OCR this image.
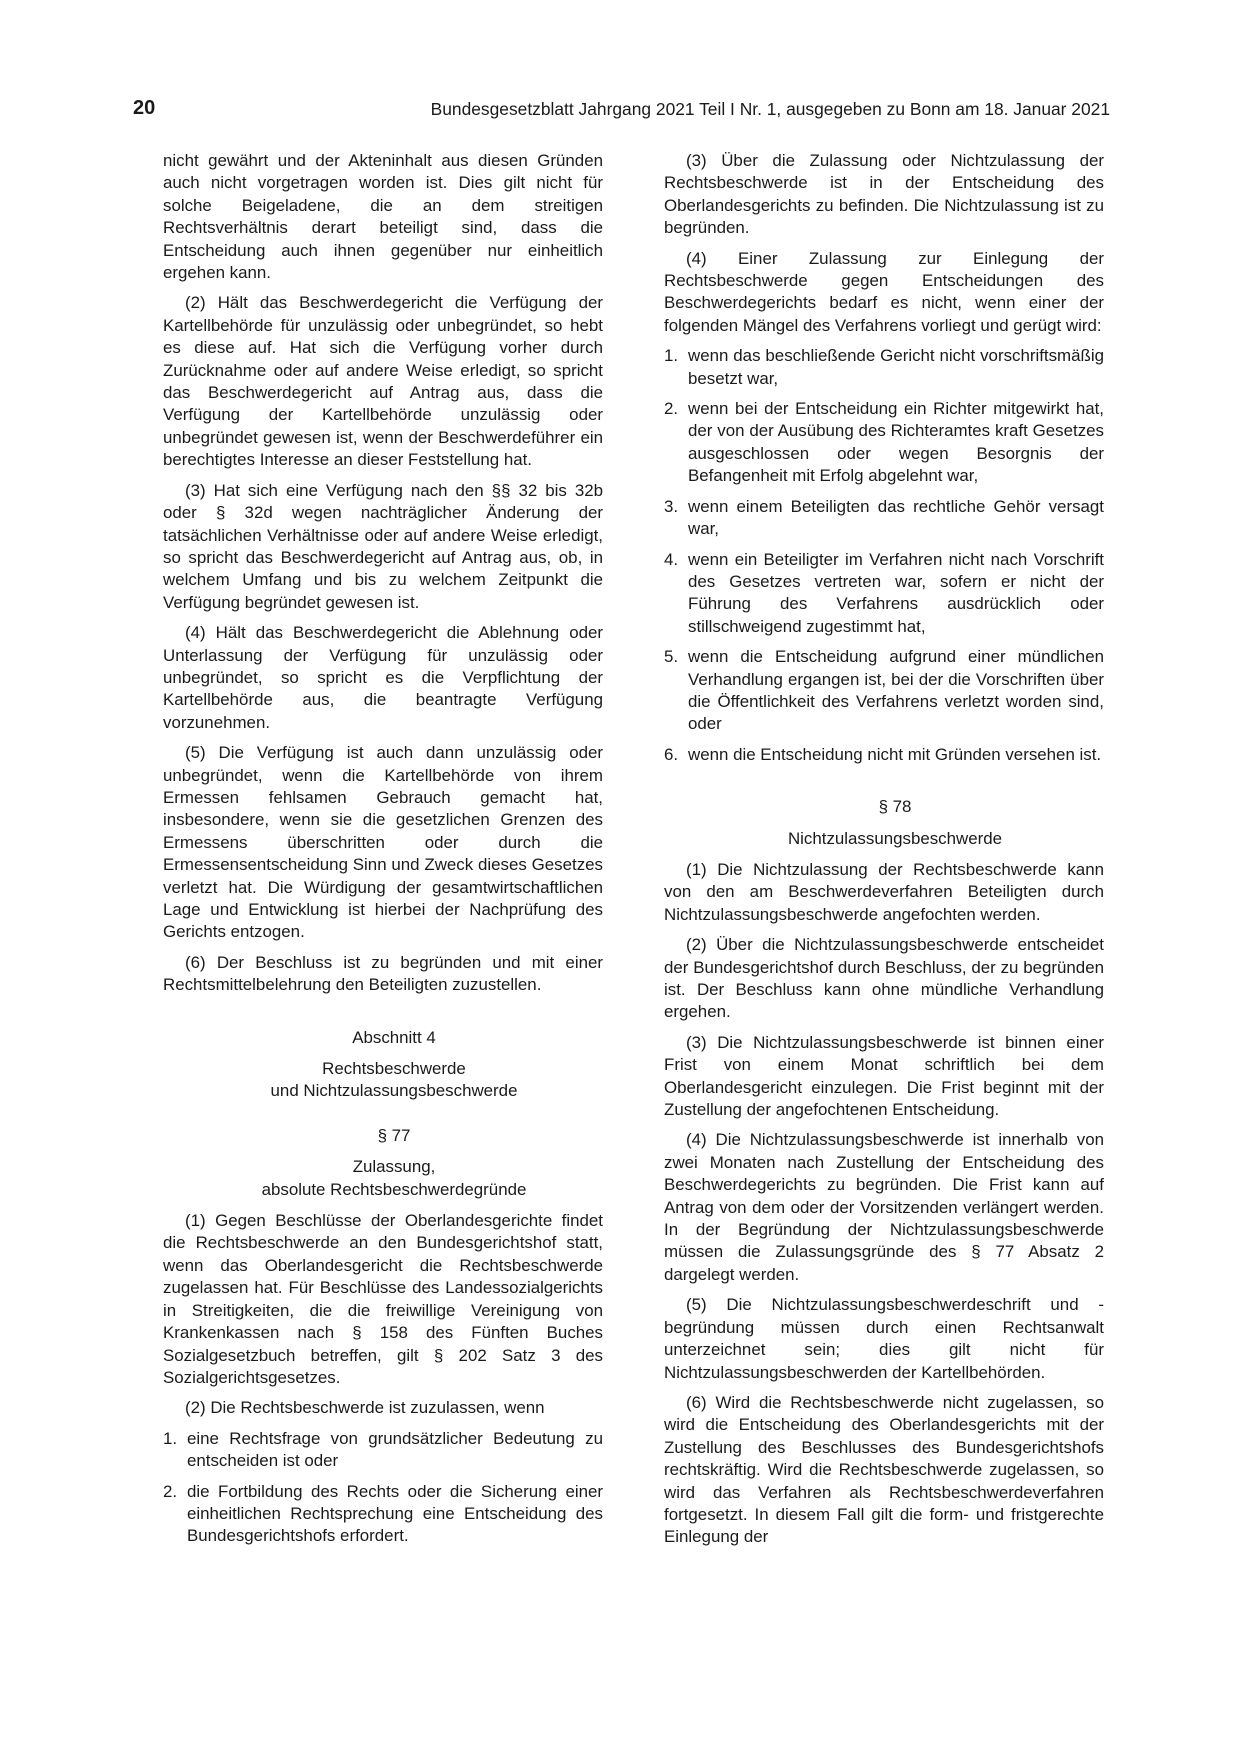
20	Bundesgesetzblatt Jahrgang 2021 Teil I Nr. 1, ausgegeben zu Bonn am 18. Januar 2021

nicht gewährt und der Akteninhalt aus diesen Gründen auch nicht vorgetragen worden ist. Dies gilt nicht für solche Beigeladene, die an dem streitigen Rechtsverhältnis derart beteiligt sind, dass die Entscheidung auch ihnen gegenüber nur einheitlich ergehen kann.

(2) Hält das Beschwerdegericht die Verfügung der Kartellbehörde für unzulässig oder unbegründet, so hebt es diese auf. Hat sich die Verfügung vorher durch Zurücknahme oder auf andere Weise erledigt, so spricht das Beschwerdegericht auf Antrag aus, dass die Verfügung der Kartellbehörde unzulässig oder unbegründet gewesen ist, wenn der Beschwerdeführer ein berechtigtes Interesse an dieser Feststellung hat.

(3) Hat sich eine Verfügung nach den §§ 32 bis 32b oder § 32d wegen nachträglicher Änderung der tatsächlichen Verhältnisse oder auf andere Weise erledigt, so spricht das Beschwerdegericht auf Antrag aus, ob, in welchem Umfang und bis zu welchem Zeitpunkt die Verfügung begründet gewesen ist.

(4) Hält das Beschwerdegericht die Ablehnung oder Unterlassung der Verfügung für unzulässig oder unbegründet, so spricht es die Verpflichtung der Kartellbehörde aus, die beantragte Verfügung vorzunehmen.

(5) Die Verfügung ist auch dann unzulässig oder unbegründet, wenn die Kartellbehörde von ihrem Ermessen fehlsamen Gebrauch gemacht hat, insbesondere, wenn sie die gesetzlichen Grenzen des Ermessens überschritten oder durch die Ermessensentscheidung Sinn und Zweck dieses Gesetzes verletzt hat. Die Würdigung der gesamtwirtschaftlichen Lage und Entwicklung ist hierbei der Nachprüfung des Gerichts entzogen.

(6) Der Beschluss ist zu begründen und mit einer Rechtsmittelbelehrung den Beteiligten zuzustellen.

Abschnitt 4

Rechtsbeschwerde

und Nichtzulassungsbeschwerde

§ 77

Zulassung,

absolute Rechtsbeschwerdegründe

(1) Gegen Beschlüsse der Oberlandesgerichte findet die Rechtsbeschwerde an den Bundesgerichtshof statt, wenn das Oberlandesgericht die Rechtsbeschwerde zugelassen hat. Für Beschlüsse des Landessozialgerichts in Streitigkeiten, die die freiwillige Vereinigung von Krankenkassen nach § 158 des Fünften Buches Sozialgesetzbuch betreffen, gilt § 202 Satz 3 des Sozialgerichtsgesetzes.

(2) Die Rechtsbeschwerde ist zuzulassen, wenn

1. eine Rechtsfrage von grundsätzlicher Bedeutung zu entscheiden ist oder
2. die Fortbildung des Rechts oder die Sicherung einer einheitlichen Rechtsprechung eine Entscheidung des Bundesgerichtshofs erfordert.

(3) Über die Zulassung oder Nichtzulassung der Rechtsbeschwerde ist in der Entscheidung des Oberlandesgerichts zu befinden. Die Nichtzulassung ist zu begründen.

(4) Einer Zulassung zur Einlegung der Rechtsbeschwerde gegen Entscheidungen des Beschwerdegerichts bedarf es nicht, wenn einer der folgenden Mängel des Verfahrens vorliegt und gerügt wird:

1. wenn das beschließende Gericht nicht vorschriftsmäßig besetzt war,
2. wenn bei der Entscheidung ein Richter mitgewirkt hat, der von der Ausübung des Richteramtes kraft Gesetzes ausgeschlossen oder wegen Besorgnis der Befangenheit mit Erfolg abgelehnt war,
3. wenn einem Beteiligten das rechtliche Gehör versagt war,
4. wenn ein Beteiligter im Verfahren nicht nach Vorschrift des Gesetzes vertreten war, sofern er nicht der Führung des Verfahrens ausdrücklich oder stillschweigend zugestimmt hat,
5. wenn die Entscheidung aufgrund einer mündlichen Verhandlung ergangen ist, bei der die Vorschriften über die Öffentlichkeit des Verfahrens verletzt worden sind, oder
6. wenn die Entscheidung nicht mit Gründen versehen ist.

§ 78

Nichtzulassungsbeschwerde

(1) Die Nichtzulassung der Rechtsbeschwerde kann von den am Beschwerdeverfahren Beteiligten durch Nichtzulassungsbeschwerde angefochten werden.

(2) Über die Nichtzulassungsbeschwerde entscheidet der Bundesgerichtshof durch Beschluss, der zu begründen ist. Der Beschluss kann ohne mündliche Verhandlung ergehen.

(3) Die Nichtzulassungsbeschwerde ist binnen einer Frist von einem Monat schriftlich bei dem Oberlandesgericht einzulegen. Die Frist beginnt mit der Zustellung der angefochtenen Entscheidung.

(4) Die Nichtzulassungsbeschwerde ist innerhalb von zwei Monaten nach Zustellung der Entscheidung des Beschwerdegerichts zu begründen. Die Frist kann auf Antrag von dem oder der Vorsitzenden verlängert werden. In der Begründung der Nichtzulassungsbeschwerde müssen die Zulassungsgründe des § 77 Absatz 2 dargelegt werden.

(5) Die Nichtzulassungsbeschwerdeschrift und -begründung müssen durch einen Rechtsanwalt unterzeichnet sein; dies gilt nicht für Nichtzulassungsbeschwerden der Kartellbehörden.

(6) Wird die Rechtsbeschwerde nicht zugelassen, so wird die Entscheidung des Oberlandesgerichts mit der Zustellung des Beschlusses des Bundesgerichtshofs rechtskräftig. Wird die Rechtsbeschwerde zugelassen, so wird das Verfahren als Rechtsbeschwerdeverfahren fortgesetzt. In diesem Fall gilt die form- und fristgerechte Einlegung der
